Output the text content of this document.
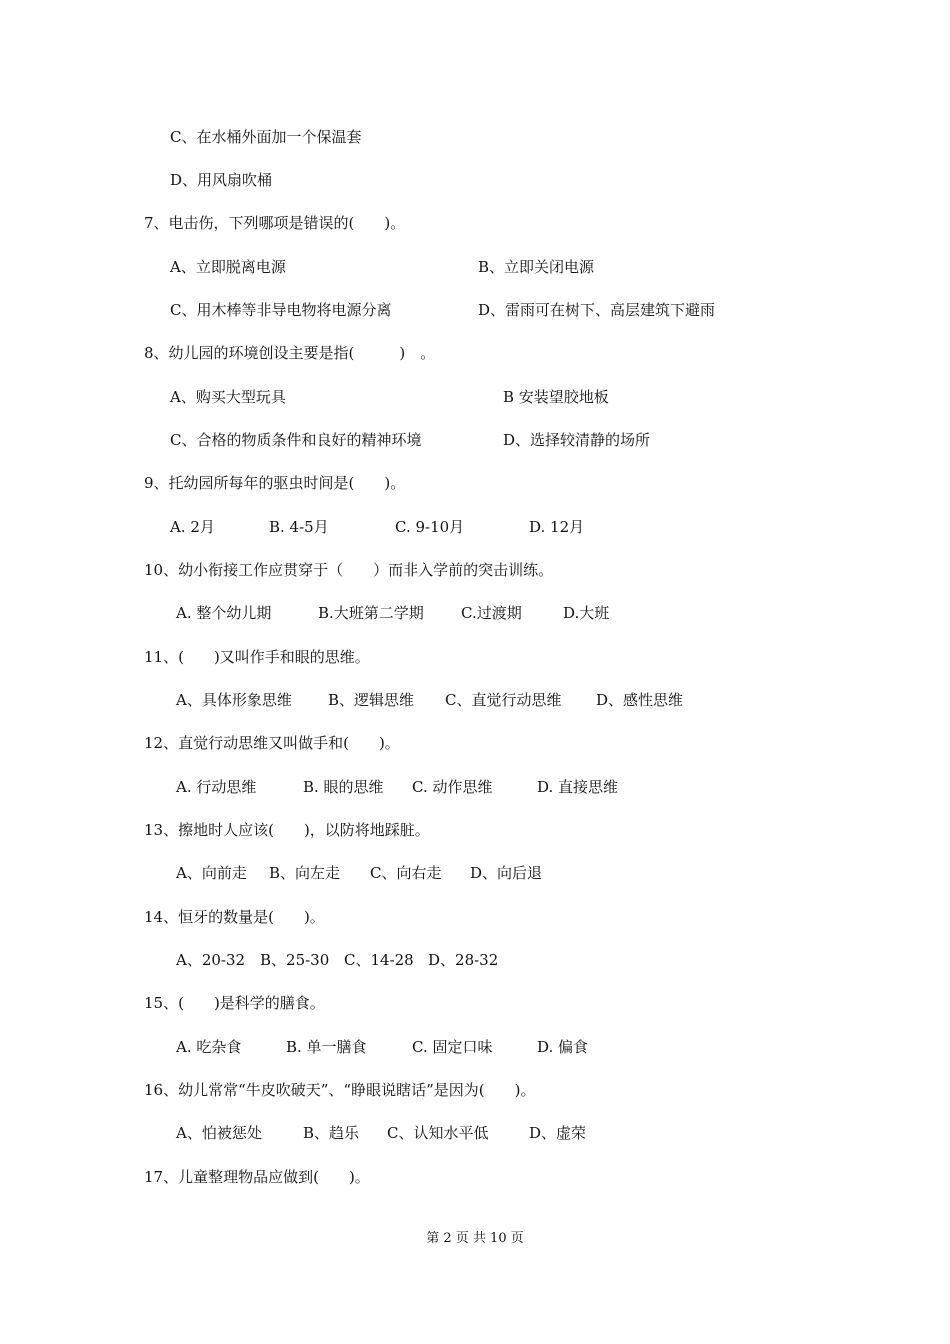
C、在水桶外面加一个保温套
D、用风扇吹桶
7、电击伤，下列哪项是错误的(　　)。
A、立即脱离电源	B、立即关闭电源
C、用木棒等非导电物将电源分离	D、雷雨可在树下、高层建筑下避雨
8、幼儿园的环境创设主要是指(　　　)　。
A、购买大型玩具	B 安装望胶地板
C、合格的物质条件和良好的精神环境	D、选择较清静的场所
9、托幼园所每年的驱虫时间是(　　)。
A. 2月	B. 4-5月	C. 9-10月	D. 12月
10、幼小衔接工作应贯穿于（　　）而非入学前的突击训练。
A. 整个幼儿期	B.大班第二学期 C.过渡期	D.大班
11、(　　)又叫作手和眼的思维。
A、具体形象思维 B、逻辑思维 C、直觉行动思维 D、感性思维
12、直觉行动思维又叫做手和(　　)。
A. 行动思维	B. 眼的思维 C. 动作思维	D. 直接思维
13、擦地时人应该(　　)，以防将地踩脏。
A、向前走 B、向左走 C、向右走 D、向后退
14、恒牙的数量是(　　)。
A、20-32 B、25-30 C、14-28 D、28-32
15、(　　)是科学的膳食。
A. 吃杂食	B. 单一膳食	C. 固定口味	D. 偏食
16、幼儿常常“牛皮吹破天”、“睁眼说瞎话”是因为(　　)。
A、怕被惩处	B、趋乐 C、认知水平低	D、虚荣
17、儿童整理物品应做到(　　)。
第 2 页 共 10 页
